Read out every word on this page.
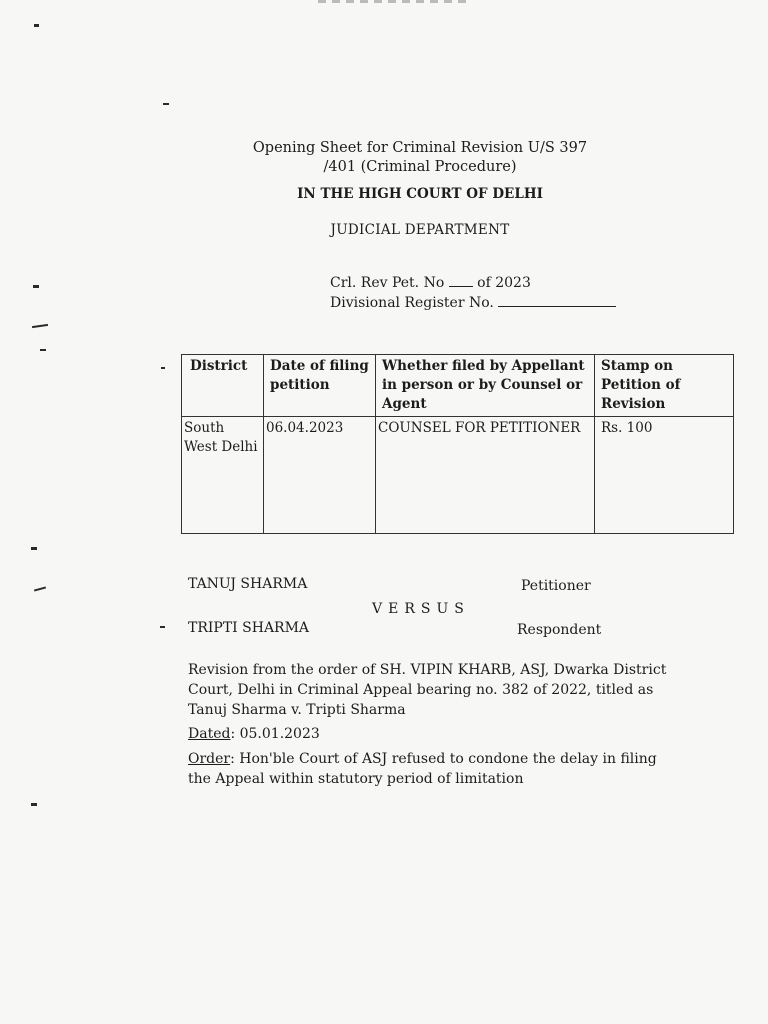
Opening Sheet for Criminal Revision U/S 397
/401 (Criminal Procedure)
IN THE HIGH COURT OF DELHI
JUDICIAL DEPARTMENT
Crl. Rev Pet. No of 2023
Divisional Register No.
District	Date of filing petition	Whether filed by Appellant in person or by Counsel or Agent	Stamp on Petition of Revision
South West Delhi	06.04.2023	COUNSEL FOR PETITIONER	Rs. 100
TANUJ SHARMA	Petitioner
VERSUS
TRIPTI SHARMA	Respondent
Revision from the order of SH. VIPIN KHARB, ASJ, Dwarka District Court, Delhi in Criminal Appeal bearing no. 382 of 2022, titled as Tanuj Sharma v. Tripti Sharma
Dated: 05.01.2023
Order: Hon'ble Court of ASJ refused to condone the delay in filing the Appeal within statutory period of limitation
